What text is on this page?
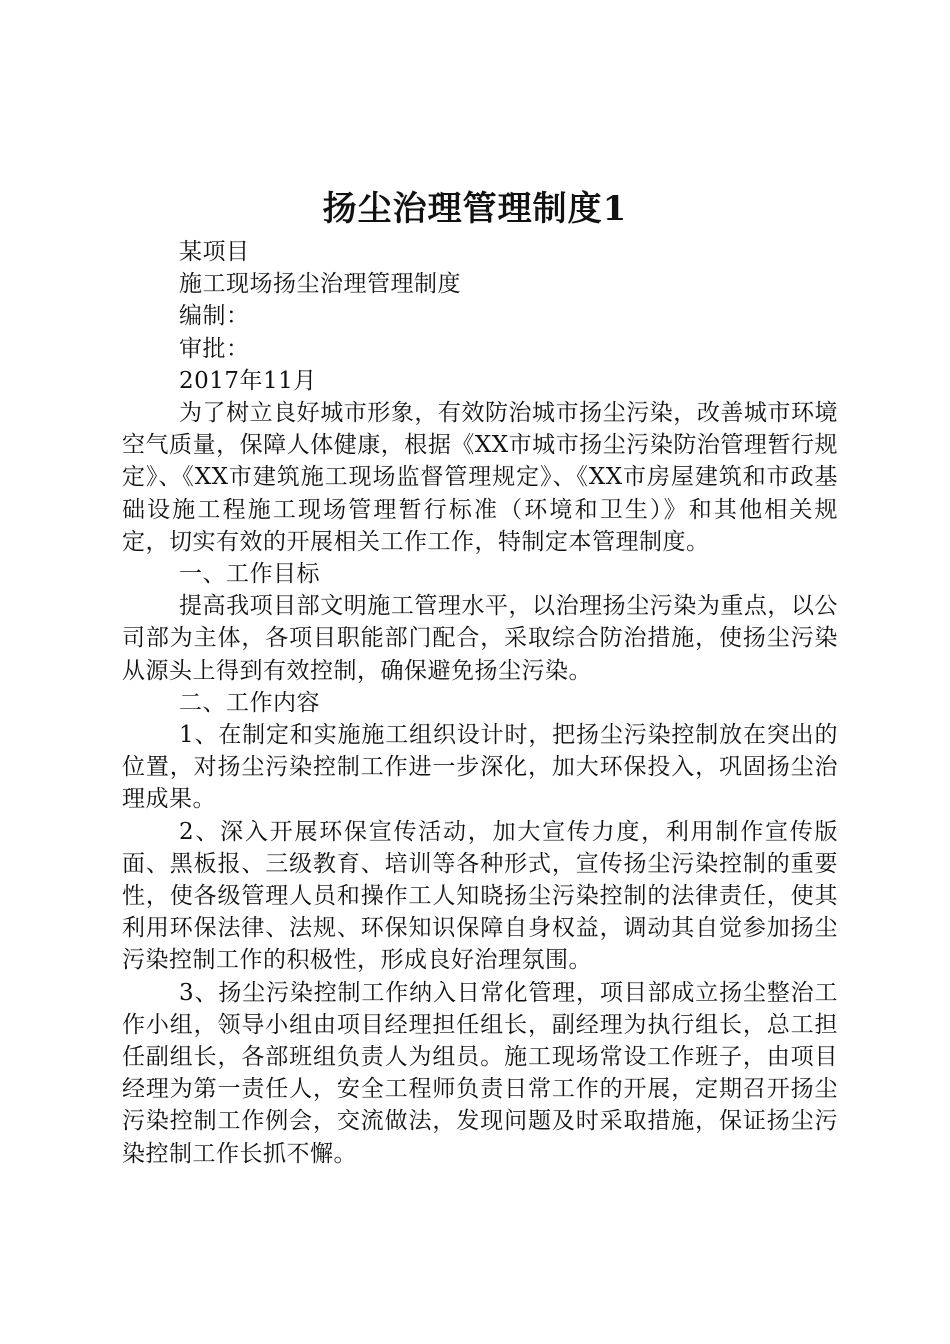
扬尘治理管理制度1

某项目

施工现场扬尘治理管理制度

编制：

审批：

2017年11月

为了树立良好城市形象，有效防治城市扬尘污染，改善城市环境空气质量，保障人体健康，根据《XX市城市扬尘污染防治管理暂行规定》、《XX市建筑施工现场监督管理规定》、《XX市房屋建筑和市政基础设施工程施工现场管理暂行标准（环境和卫生）》和其他相关规定，切实有效的开展相关工作工作，特制定本管理制度。

一、工作目标

提高我项目部文明施工管理水平，以治理扬尘污染为重点，以公司部为主体，各项目职能部门配合，采取综合防治措施，使扬尘污染从源头上得到有效控制，确保避免扬尘污染。

二、工作内容

1、在制定和实施施工组织设计时，把扬尘污染控制放在突出的位置，对扬尘污染控制工作进一步深化，加大环保投入，巩固扬尘治理成果。

2、深入开展环保宣传活动，加大宣传力度，利用制作宣传版面、黑板报、三级教育、培训等各种形式，宣传扬尘污染控制的重要性，使各级管理人员和操作工人知晓扬尘污染控制的法律责任，使其利用环保法律、法规、环保知识保障自身权益，调动其自觉参加扬尘污染控制工作的积极性，形成良好治理氛围。

3、扬尘污染控制工作纳入日常化管理，项目部成立扬尘整治工作小组，领导小组由项目经理担任组长，副经理为执行组长，总工担任副组长，各部班组负责人为组员。施工现场常设工作班子，由项目经理为第一责任人，安全工程师负责日常工作的开展，定期召开扬尘污染控制工作例会，交流做法，发现问题及时采取措施，保证扬尘污染控制工作长抓不懈。
